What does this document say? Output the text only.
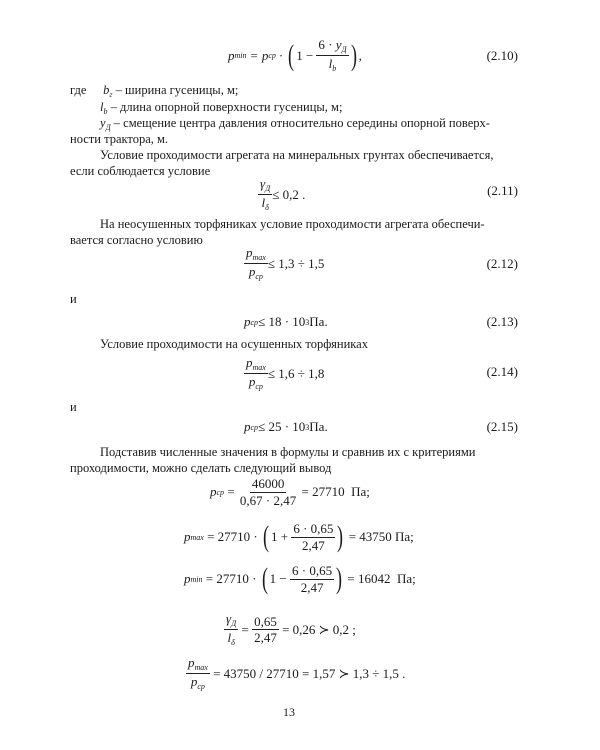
p min = p ср · ( $1 - \frac{6 \cdot y_Д}{l_b}$ ) ,	(2.10)
где $b_г$ – ширина гусеницы, м;
$l_b$ – длина опорной поверхности гусеницы, м;
$y_Д$ – смещение центра давления относительно середины опорной поверх-
ности трактора, м.
Условие проходимости агрегата на минеральных грунтах обеспечивается,
если соблюдается условие
$\frac{\gamma_Д}{l_\delta} \le 0,2$ .	(2.11)
На неосушенных торфяниках условие проходимости агрегата обеспечи-
вается согласно условию
$\frac{p_{max}}{p_{ср}} \le 1,3 \div 1,5$	(2.12)
и
p ср ≤ 18 · 10 3 Па.	(2.13)
Условие проходимости на осушенных торфяниках
$\frac{p_{max}}{p_{ср}} \le 1,6 \div 1,8$	(2.14)
и
p ср ≤ 25 · 10 3 Па.	(2.15)
Подставив численные значения в формулы и сравнив их с критериями
проходимости, можно сделать следующий вывод
p ср = $\frac{46000}{0,67 \cdot 2,47} = 27710$  Па;
p max = 27710 · ( $1 + \frac{6 \cdot 0,65}{2,47}$ ) = 43750 Па;
p min = 27710 · ( $1 - \frac{6 \cdot 0,65}{2,47}$ ) = 16042  Па;
$\frac{\gamma_Д}{l_\delta} = \frac{0,65}{2,47} = 0,26$ ≻ 0,2 ;
$\frac{p_{max}}{p_{ср}} = 43750 / 27710 = 1,57$ ≻ 1,3 ÷ 1,5 .
13
